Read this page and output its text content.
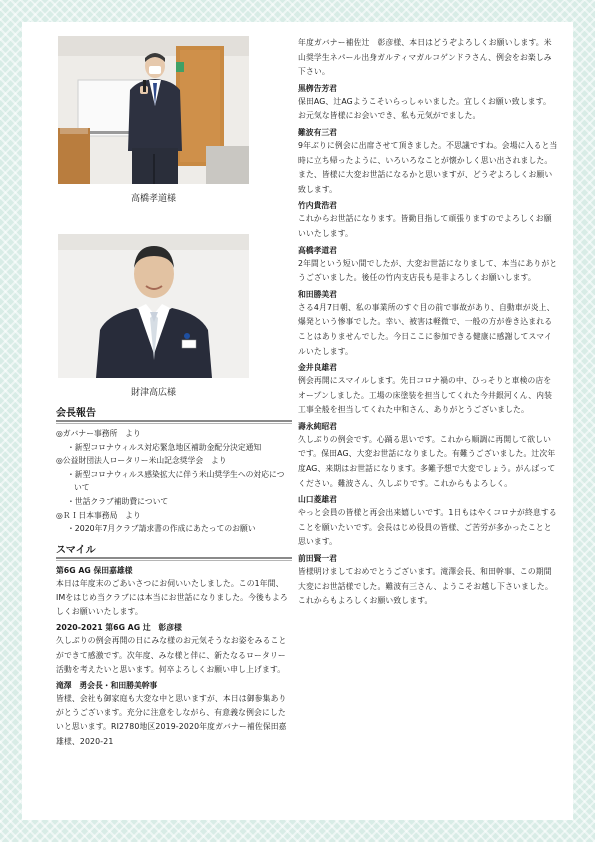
高橋孝道様
財津高広様
会長報告
◎ガバナー事務所　より
・新型コロナウィルス対応緊急地区補助金配分決定通知
◎公益財団法人ロータリー米山記念奨学会　より
・新型コロナウィルス感染拡大に伴う米山奨学生への対応について
・世話クラブ補助費について
◎ＲＩ日本事務局　より
・2020年7月クラブ請求書の作成にあたってのお願い
スマイル
第6G AG 保田嘉雄様
本日は年度末のごあいさつにお伺いいたしました。この1年間、IMをはじめ当クラブには本当にお世話になりました。今後もよろしくお願いいたします。
2020-2021 第6G AG 辻　彰彦様
久しぶりの例会再開の日にみな様のお元気そうなお姿をみることができて感激です。次年度、みな様と伴に、新たなるロータリー活動を考えたいと思います。何卒よろしくお願い申し上げます。
滝澤　勇会長・和田勝美幹事
皆様、会社も御家庭も大変な中と思いますが、本日は御参集ありがとうございます。充分に注意をしながら、有意義な例会にしたいと思います。RI2780地区2019-2020年度ガバナー補佐保田嘉雄様、2020-21
年度ガバナー補佐辻　彰彦様、本日はどうぞよろしくお願いします。米山奨学生ネパール出身ガルティマガルコゲンドラさん、例会をお楽しみ下さい。
黒栁告芳君
保田AG、辻AGようこそいらっしゃいました。宜しくお願い致します。お元気な皆様にお会いでき、私も元気がでました。
難波有三君
9年ぶりに例会に出席させて頂きました。不思議ですね。会場に入ると当時に立ち帰ったように、いろいろなことが懐かしく思い出されました。また、皆様に大変お世話になるかと思いますが、どうぞよろしくお願い致します。
竹内貴浩君
これからお世話になります。皆勤目指して頑張りますのでよろしくお願いいたします。
高橋孝道君
2年間という短い間でしたが、大変お世話になりまして、本当にありがとうございました。後任の竹内支店長も是非よろしくお願いします。
和田勝美君
さる4月7日朝、私の事業所のすぐ目の前で事故があり、自動車が炎上、爆発という惨事でした。幸い、被害は軽微で、一般の方が巻き込まれることはありませんでした。今日ここに参加できる健康に感謝してスマイルいたします。
金井良雄君
例会再開にスマイルします。先日コロナ禍の中、ひっそりと車検の店をオープンしました。工場の床塗装を担当してくれた今井銀河くん、内装工事全般を担当してくれた中和さん、ありがとうございました。
壽永純昭君
久しぶりの例会です。心踊る思いです。これから順調に再開して欲しいです。保田AG、大変お世話になりました。有難うございました。辻次年度AG、来期はお世話になります。多難予想で大変でしょう。がんばってください。難波さん、久しぶりです。これからもよろしく。
山口菱雄君
やっと会員の皆様と再会出来嬉しいです。1日もはやくコロナが終息することを願いたいです。会長はじめ役員の皆様、ご苦労が多かったことと思います。
前田賢一君
皆様明けましておめでとうございます。滝澤会長、和田幹事、この期間大変にお世話様でした。難波有三さん、ようこそお越し下さいました。これからもよろしくお願い致します。
